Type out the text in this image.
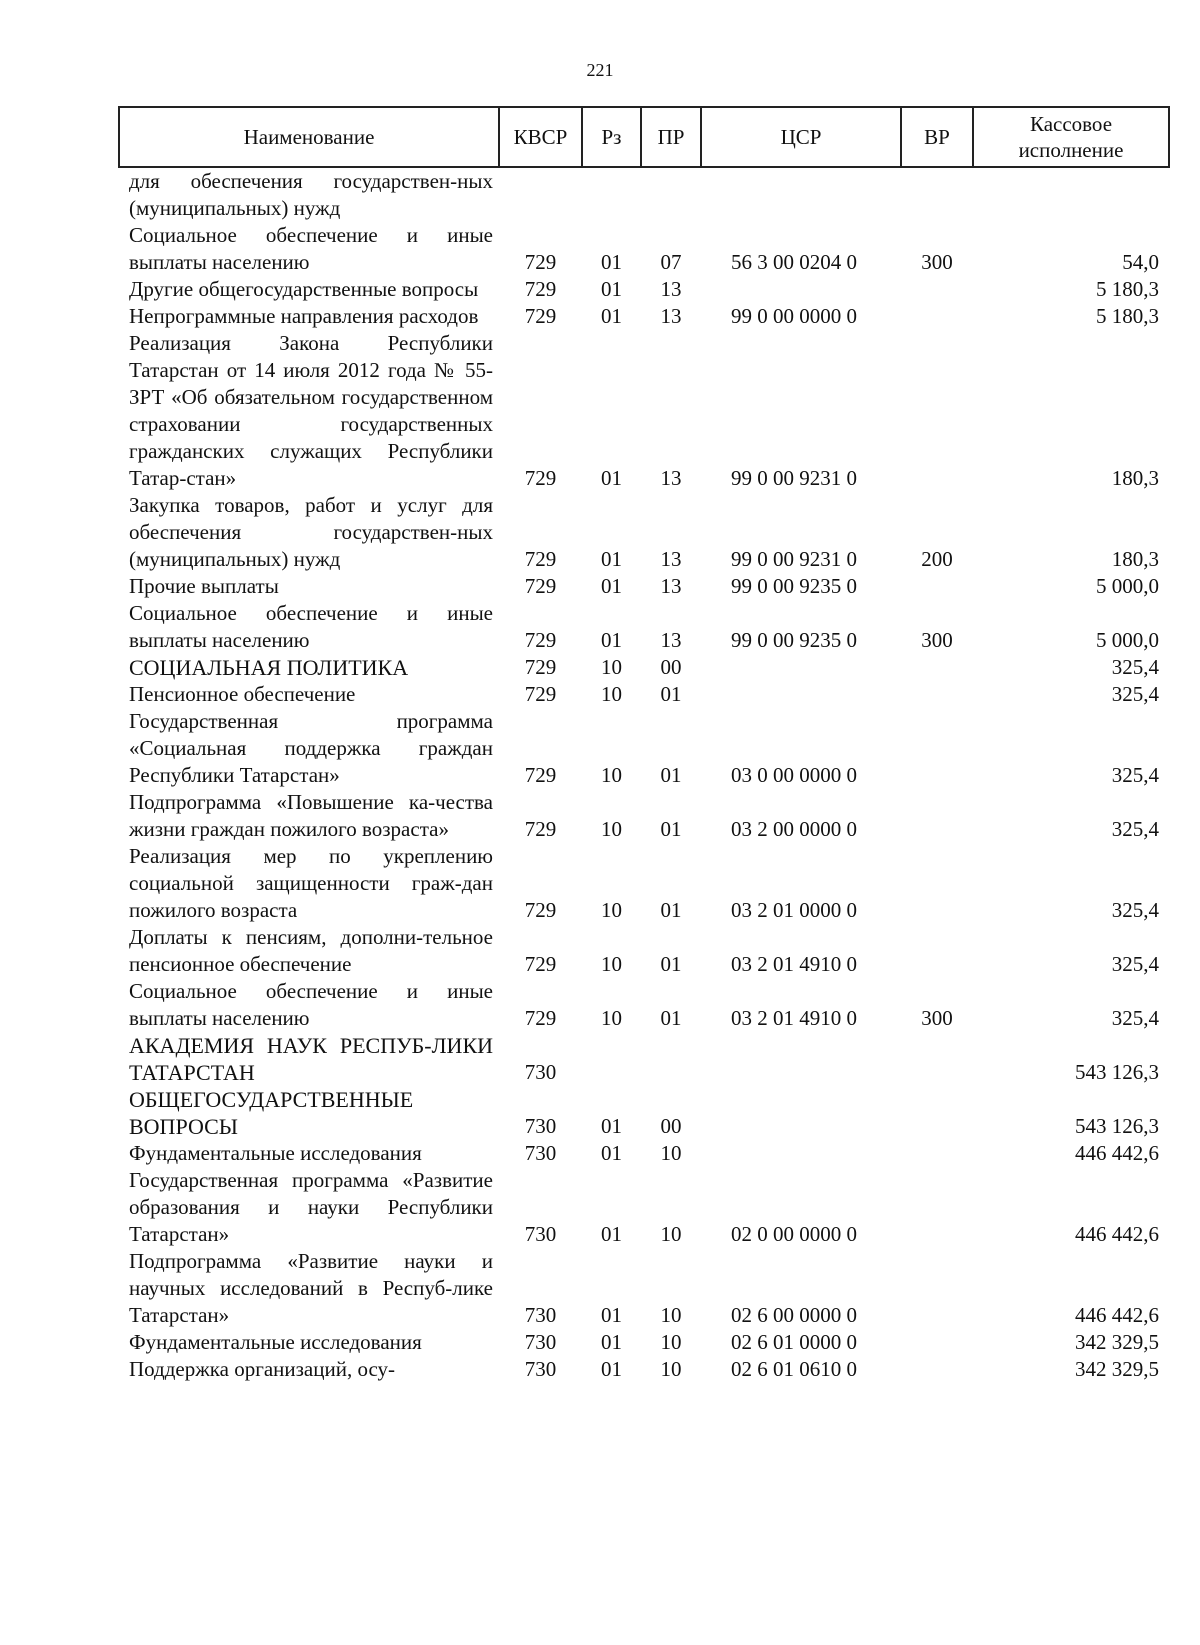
221
Наименование	КВСР	Рз	ПР	ЦСР	ВР	Кассовое исполнение
для обеспечения государствен-ных (муниципальных) нужд						
Социальное обеспечение и иные выплаты населению	729	01	07	56 3 00 0204 0	300	54,0
Другие общегосударственные вопросы	729	01	13			5 180,3
Непрограммные направления расходов	729	01	13	99 0 00 0000 0		5 180,3
Реализация Закона Республики Татарстан от 14 июля 2012 года № 55-ЗРТ «Об обязательном государственном страховании государственных гражданских служащих Республики Татар-стан»	729	01	13	99 0 00 9231 0		180,3
Закупка товаров, работ и услуг для обеспечения государствен-ных (муниципальных) нужд	729	01	13	99 0 00 9231 0	200	180,3
Прочие выплаты	729	01	13	99 0 00 9235 0		5 000,0
Социальное обеспечение и иные выплаты населению	729	01	13	99 0 00 9235 0	300	5 000,0
СОЦИАЛЬНАЯ ПОЛИТИКА	729	10	00			325,4
Пенсионное обеспечение	729	10	01			325,4
Государственная программа «Социальная поддержка граждан Республики Татарстан»	729	10	01	03 0 00 0000 0		325,4
Подпрограмма «Повышение ка-чества жизни граждан пожилого возраста»	729	10	01	03 2 00 0000 0		325,4
Реализация мер по укреплению социальной защищенности граж-дан пожилого возраста	729	10	01	03 2 01 0000 0		325,4
Доплаты к пенсиям, дополни-тельное пенсионное обеспечение	729	10	01	03 2 01 4910 0		325,4
Социальное обеспечение и иные выплаты населению	729	10	01	03 2 01 4910 0	300	325,4
АКАДЕМИЯ НАУК РЕСПУБ-ЛИКИ ТАТАРСТАН	730					543 126,3
ОБЩЕГОСУДАРСТВЕННЫЕ ВОПРОСЫ	730	01	00			543 126,3
Фундаментальные исследования	730	01	10			446 442,6
Государственная программа «Развитие образования и науки Республики Татарстан»	730	01	10	02 0 00 0000 0		446 442,6
Подпрограмма «Развитие науки и научных исследований в Респуб-лике Татарстан»	730	01	10	02 6 00 0000 0		446 442,6
Фундаментальные исследования	730	01	10	02 6 01 0000 0		342 329,5
Поддержка организаций, осу-	730	01	10	02 6 01 0610 0		342 329,5
